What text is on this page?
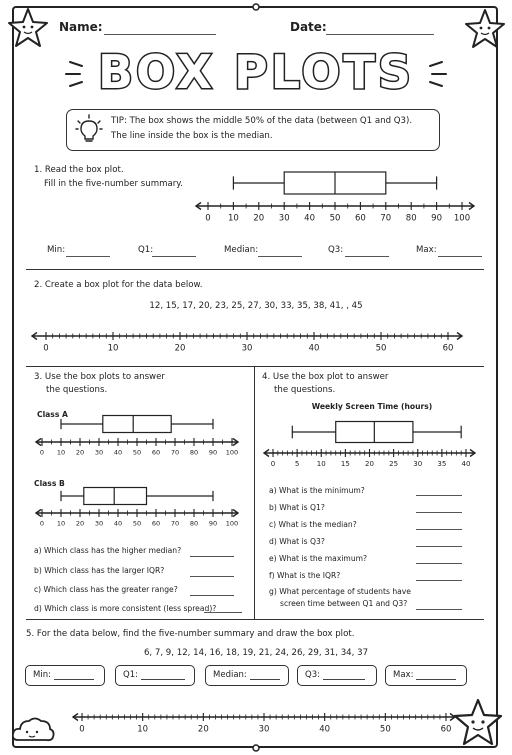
Name:	Date:
BOX PLOTS
TIP: The box shows the middle 50% of the data (between Q1 and Q3).
The line inside the box is the median.
1. Read the box plot.
Fill in the five-number summary.
0 10 20 30 40 50 60 70 80 90 100
Min:	Q1:	Median:	Q3:	Max:
2. Create a box plot for the data below.
12, 15, 17, 20, 23, 25, 27, 30, 33, 35, 38, 41, , 45
0	10	20	30	40	50	60
3. Use the box plots to answer
the questions.
Class A
0 10 20 30 40 50 60 70 80 90 100
Class B
0 10 20 30 40 50 60 70 80 90 100
a) Which class has the higher median?
b) Which class has the larger IQR?
c) Which class has the greater range?
d) Which class is more consistent (less spread)?
4. Use the box plot to answer
the questions.
Weekly Screen Time (hours)
0	5 10 15 20 25 30 35 40
a) What is the minimum?
b) What is Q1?
c) What is the median?
d) What is Q3?
e) What is the maximum?
f) What is the IQR?
g) What percentage of students have
screen time between Q1 and Q3?
5. For the data below, find the five-number summary and draw the box plot.
6, 7, 9, 12, 14, 16, 18, 19, 21, 24, 26, 29, 31, 34, 37
Min:	Q1:	Median:	Q3:	Max:
0	10	20	30	40	50	60
